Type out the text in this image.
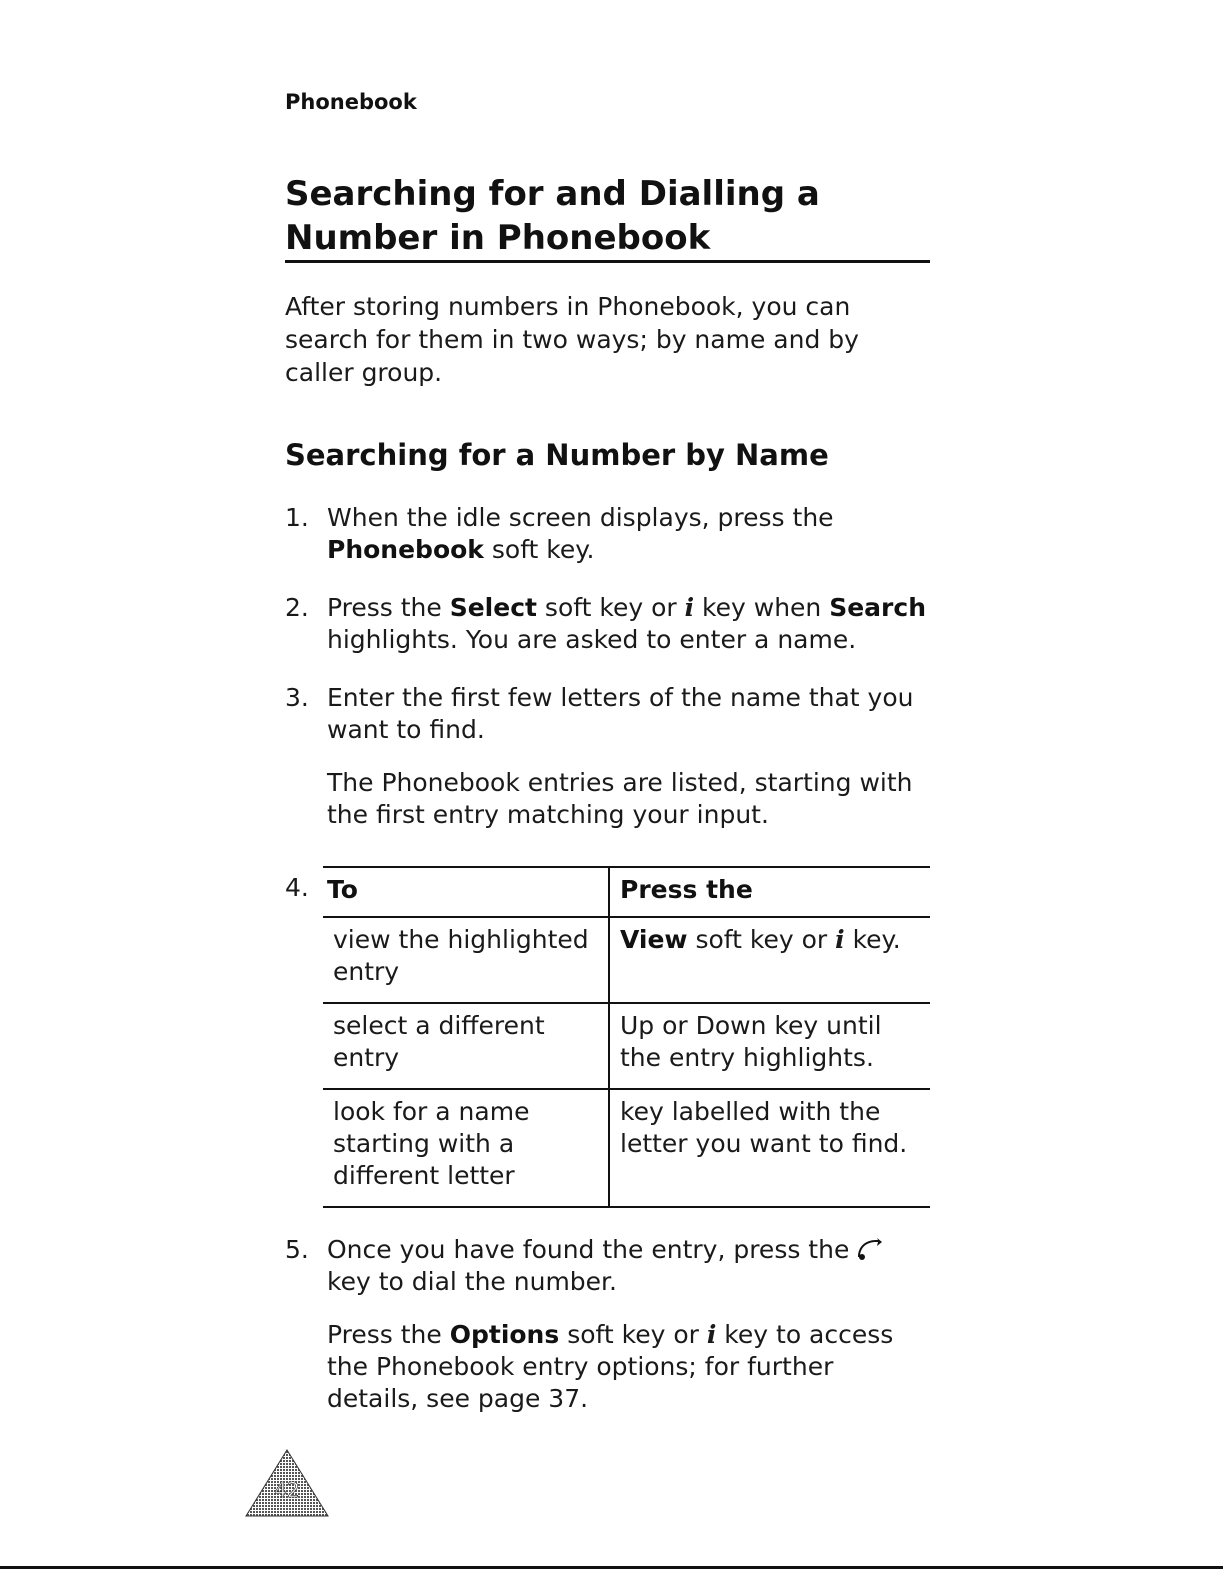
Phonebook
Searching for and Dialling a Number in Phonebook

After storing numbers in Phonebook, you can search for them in two ways; by name and by caller group.

Searching for a Number by Name
1. When the idle screen displays, press the Phonebook soft key.

2. Press the Select soft key or i key when Search highlights. You are asked to enter a name.

3. Enter the first few letters of the name that you want to find.

The Phonebook entries are listed, starting with the first entry matching your input.

4. To	Press the
view the highlighted entry	View soft key or i key.
select a different entry	Up or Down key until the entry highlights.
look for a name starting with a different letter	key labelled with the letter you want to find.
5. Once you have found the entry, press the  key to dial the number.

Press the Options soft key or i key to access the Phonebook entry options; for further details, see page 37.

42
